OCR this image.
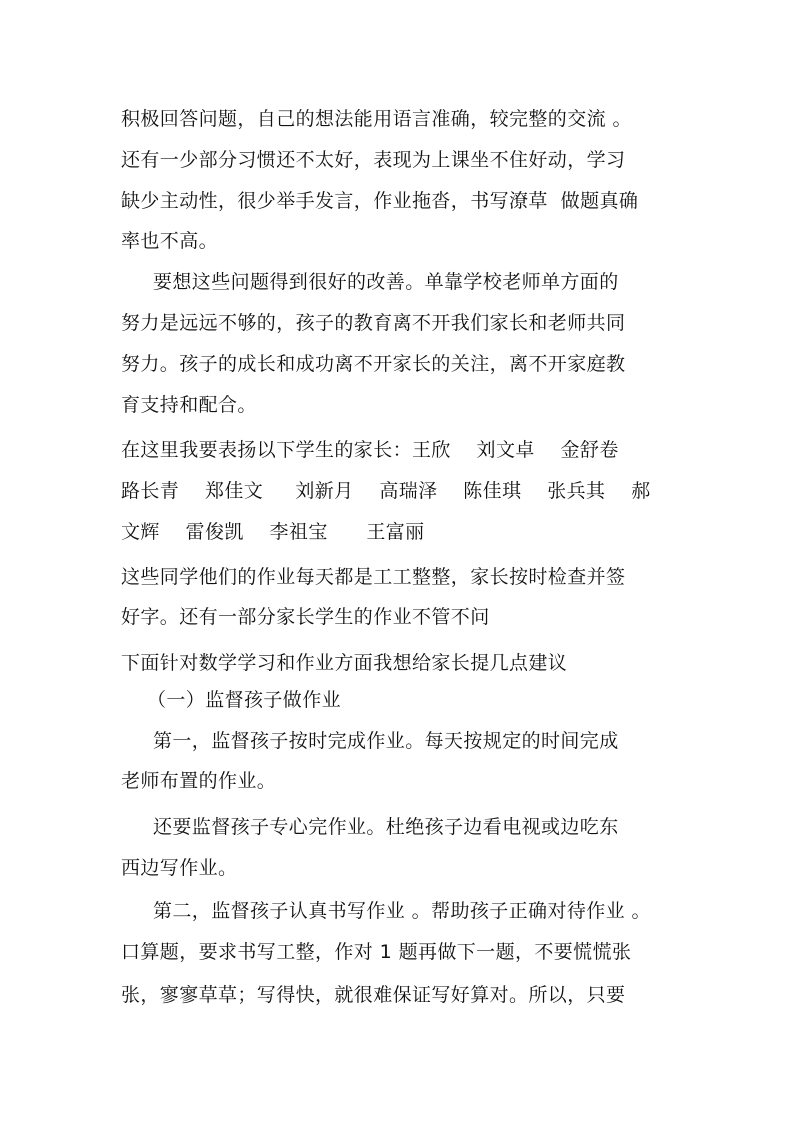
积极回答问题，自己的想法能用语言准确，较完整的交流 。

还有一少部分习惯还不太好，表现为上课坐不住好动，学习

缺少主动性，很少举手发言，作业拖沓，书写潦草  做题真确

率也不高。

要想这些问题得到很好的改善。单靠学校老师单方面的

努力是远远不够的，孩子的教育离不开我们家长和老师共同

努力。孩子的成长和成功离不开家长的关注，离不开家庭教

育支持和配合。

在这里我要表扬以下学生的家长：王欣    刘文卓    金舒卷

路长青    郑佳文     刘新月    高瑞泽    陈佳琪    张兵其    郝

文辉    雷俊凯    李祖宝      王富丽

这些同学他们的作业每天都是工工整整，家长按时检查并签

好字。还有一部分家长学生的作业不管不问

下面针对数学学习和作业方面我想给家长提几点建议

（一）监督孩子做作业

第一，监督孩子按时完成作业。每天按规定的时间完成

老师布置的作业。

还要监督孩子专心完作业。杜绝孩子边看电视或边吃东

西边写作业。

第二，监督孩子认真书写作业 。帮助孩子正确对待作业 。

口算题，要求书写工整，作对 1 题再做下一题，不要慌慌张

张，寥寥草草；写得快，就很难保证写好算对。所以，只要
